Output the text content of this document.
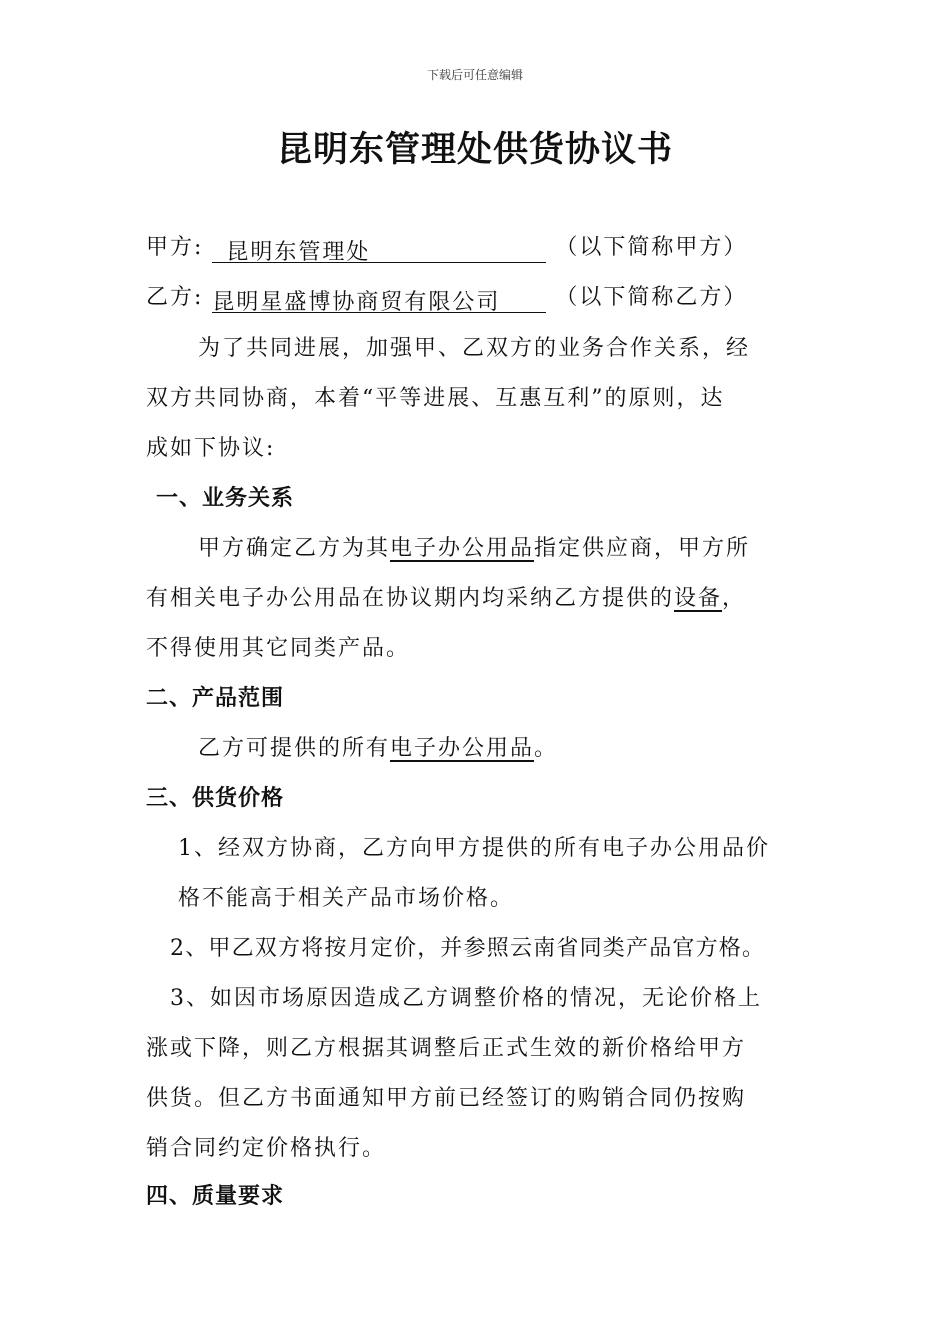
下载后可任意编辑
昆明东管理处供货协议书
甲方: 昆明东管理处	（以下简称甲方）
乙方: 昆明星盛博协商贸有限公司 （以下简称乙方）
为了共同进展，加强甲、乙双方的业务合作关系，经
双方共同协商，本着“平等进展、互惠互利”的原则，达
成如下协议:
一、业务关系
甲方确定乙方为其电子办公用品指定供应商，甲方所
有相关电子办公用品在协议期内均采纳乙方提供的设备，
不得使用其它同类产品。
二、产品范围
乙方可提供的所有电子办公用品。
三、供货价格
1、经双方协商，乙方向甲方提供的所有电子办公用品价
格不能高于相关产品市场价格。
2、甲乙双方将按月定价，并参照云南省同类产品官方格。
3、如因市场原因造成乙方调整价格的情况，无论价格上
涨或下降，则乙方根据其调整后正式生效的新价格给甲方
供货。但乙方书面通知甲方前已经签订的购销合同仍按购
销合同约定价格执行。
四、质量要求
